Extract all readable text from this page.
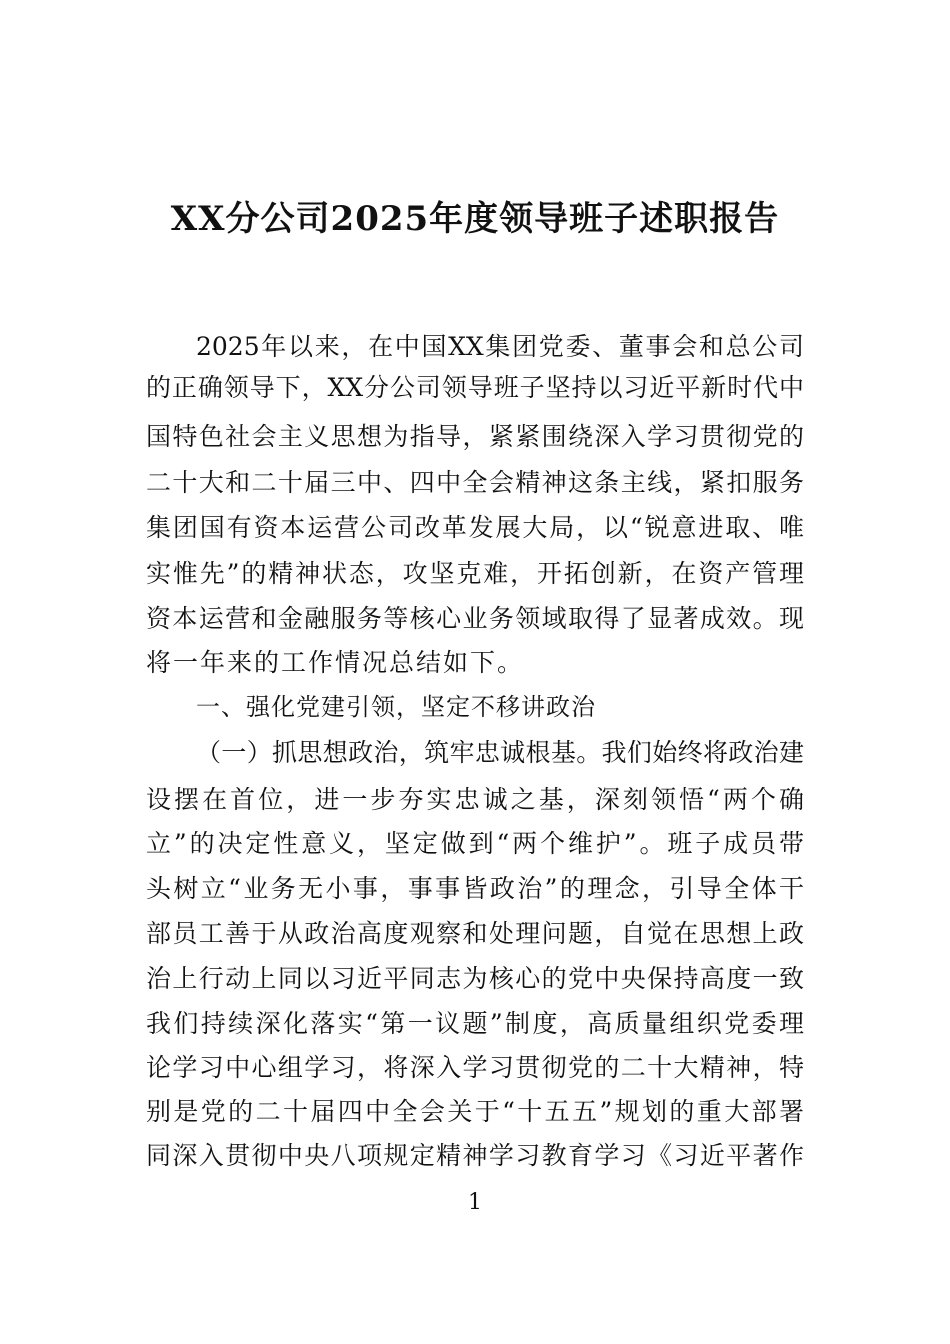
XX分公司2025年度领导班子述职报告
2025年以来，在中国XX集团党委、董事会和总公司
的正确领导下，XX分公司领导班子坚持以习近平新时代中
国特色社会主义思想为指导，紧紧围绕深入学习贯彻党的
二十大和二十届三中、四中全会精神这条主线，紧扣服务
集团国有资本运营公司改革发展大局，以“锐意进取、唯
实惟先”的精神状态，攻坚克难，开拓创新，在资产管理
资本运营和金融服务等核心业务领域取得了显著成效。现
将一年来的工作情况总结如下。
一、强化党建引领，坚定不移讲政治
（一）抓思想政治，筑牢忠诚根基。我们始终将政治建
设摆在首位，进一步夯实忠诚之基，深刻领悟“两个确
立”的决定性意义，坚定做到“两个维护”。班子成员带
头树立“业务无小事，事事皆政治”的理念，引导全体干
部员工善于从政治高度观察和处理问题，自觉在思想上政
治上行动上同以习近平同志为核心的党中央保持高度一致
我们持续深化落实“第一议题”制度，高质量组织党委理
论学习中心组学习，将深入学习贯彻党的二十大精神，特
别是党的二十届四中全会关于“十五五”规划的重大部署
同深入贯彻中央八项规定精神学习教育学习《习近平著作
1
